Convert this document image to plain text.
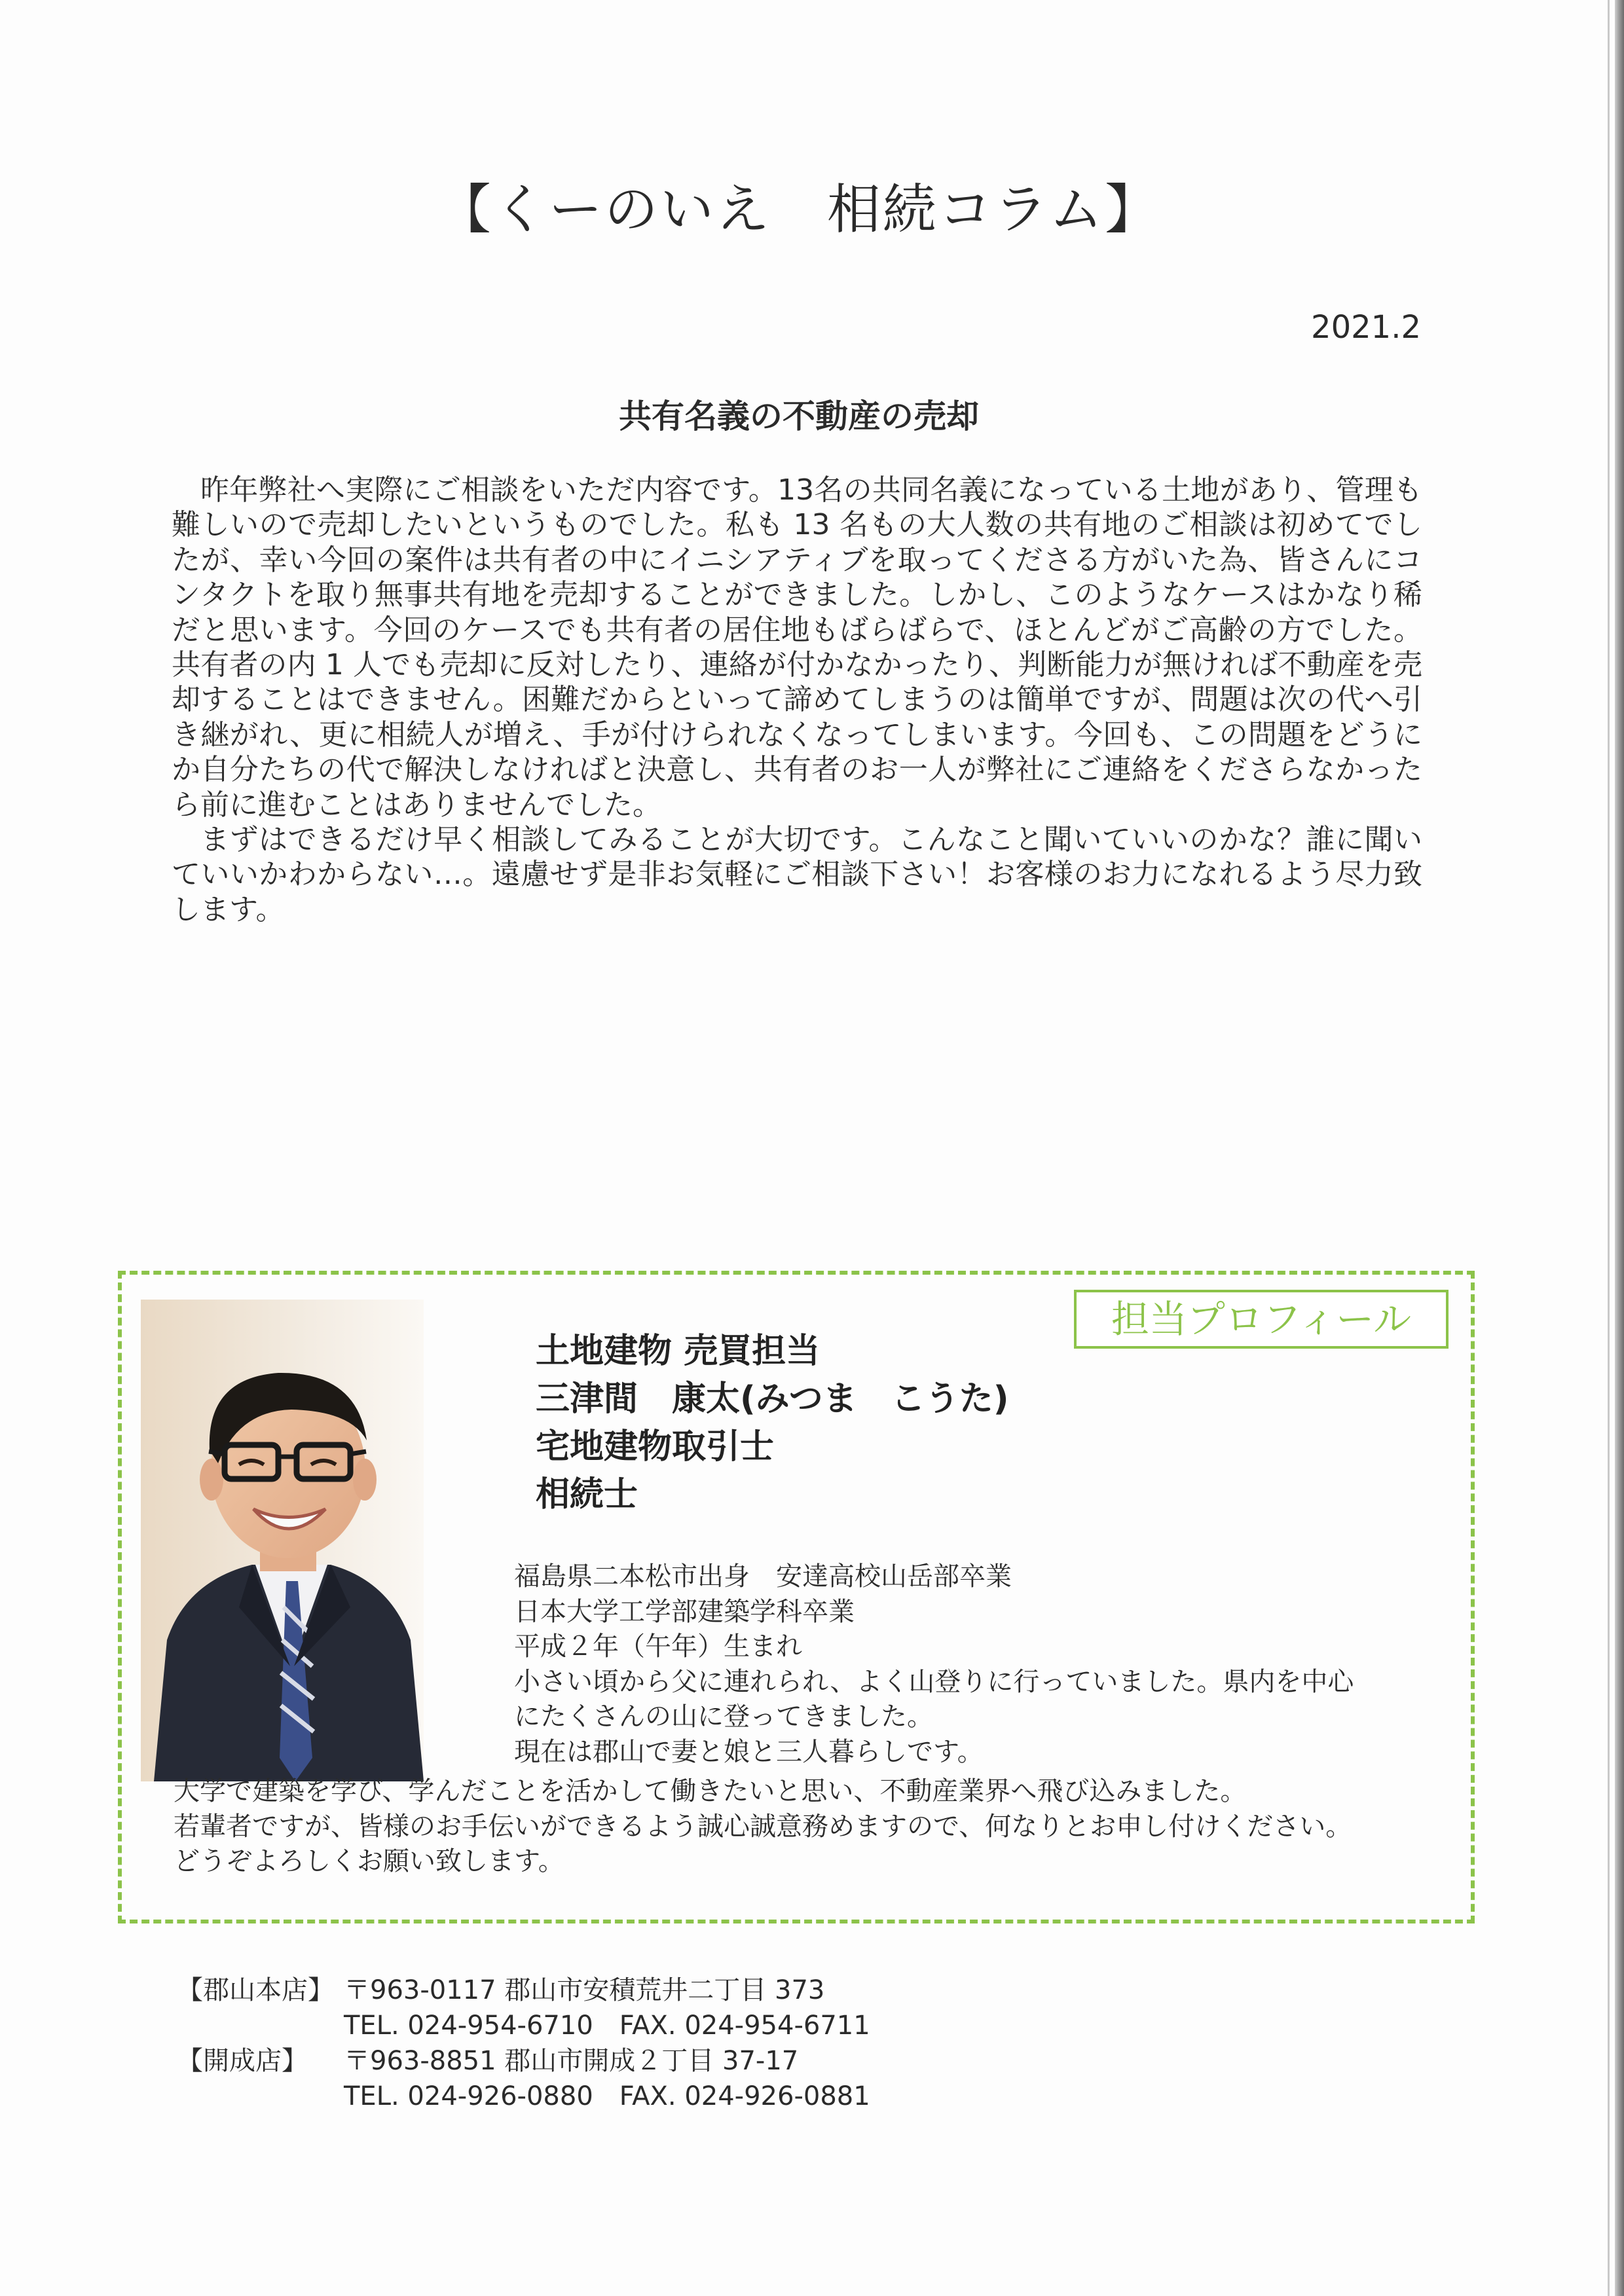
【くーのいえ　相続コラム】
2021.2
共有名義の不動産の売却

昨年弊社へ実際にご相談をいただ内容です。13名の共同名義になっている土地があり、管理も難しいので売却したいというものでした。私も 13 名もの大人数の共有地のご相談は初めてでしたが、幸い今回の案件は共有者の中にイニシアティブを取ってくださる方がいた為、皆さんにコンタクトを取り無事共有地を売却することができました。しかし、このようなケースはかなり稀だと思います。今回のケースでも共有者の居住地もばらばらで、ほとんどがご高齢の方でした。共有者の内 1 人でも売却に反対したり、連絡が付かなかったり、判断能力が無ければ不動産を売却することはできません。困難だからといって諦めてしまうのは簡単ですが、問題は次の代へ引き継がれ、更に相続人が増え、手が付けられなくなってしまいます。今回も、この問題をどうにか自分たちの代で解決しなければと決意し、共有者のお一人が弊社にご連絡をくださらなかったら前に進むことはありませんでした。

まずはできるだけ早く相談してみることが大切です。こんなこと聞いていいのかな？誰に聞いていいかわからない…。遠慮せず是非お気軽にご相談下さい！お客様のお力になれるよう尽力致します。

担当プロフィール
土地建物 売買担当
三津間　康太(みつま　こうた)
宅地建物取引士
相続士
福島県二本松市出身　安達高校山岳部卒業
日本大学工学部建築学科卒業
平成２年（午年）生まれ
小さい頃から父に連れられ、よく山登りに行っていました。県内を中心
にたくさんの山に登ってきました。
現在は郡山で妻と娘と三人暮らしです。
大学で建築を学び、学んだことを活かして働きたいと思い、不動産業界へ飛び込みました。
若輩者ですが、皆様のお手伝いができるよう誠心誠意務めますので、何なりとお申し付けください。
どうぞよろしくお願い致します。
【郡山本店】 〒963-0117 郡山市安積荒井二丁目 373
TEL. 024-954-6710　FAX. 024-954-6711
【開成店】	〒963-8851 郡山市開成２丁目 37-17
TEL. 024-926-0880　FAX. 024-926-0881
